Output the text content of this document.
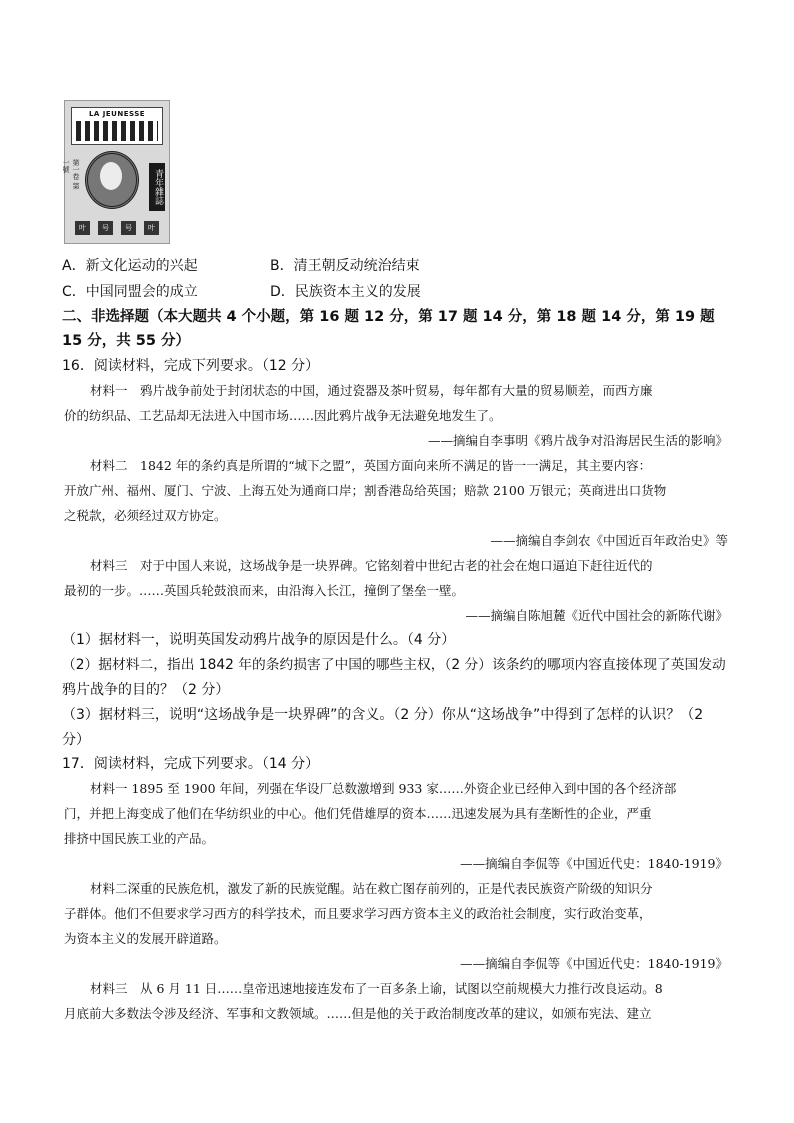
LA JEUNESSE
第一卷 第一號
青年雜誌
叶	号	号	叶
A．新文化运动的兴起	B．清王朝反动统治结束
C．中国同盟会的成立	D．民族资本主义的发展
二、非选择题（本大题共 4 个小题，第 16 题 12 分，第 17 题 14 分，第 18 题 14 分，第 19 题
15 分，共 55 分）
16．阅读材料，完成下列要求。（12 分）
材料一　鸦片战争前处于封闭状态的中国，通过瓷器及茶叶贸易，每年都有大量的贸易顺差，而西方廉
价的纺织品、工艺品却无法进入中国市场……因此鸦片战争无法避免地发生了。
——摘编自李事明《鸦片战争对沿海居民生活的影响》
材料二　1842 年的条约真是所谓的“城下之盟”，英国方面向来所不满足的皆一一满足，其主要内容：
开放广州、福州、厦门、宁波、上海五处为通商口岸；割香港岛给英国；赔款 2100 万银元；英商进出口货物
之税款，必须经过双方协定。
——摘编自李剑农《中国近百年政治史》等
材料三　对于中国人来说，这场战争是一块界碑。它铭刻着中世纪古老的社会在炮口逼迫下赶往近代的
最初的一步。……英国兵轮鼓浪而来，由沿海入长江，撞倒了堡垒一壁。
——摘编自陈旭麓《近代中国社会的新陈代谢》
（1）据材料一，说明英国发动鸦片战争的原因是什么。（4 分）
（2）据材料二，指出 1842 年的条约损害了中国的哪些主权，（2 分）该条约的哪项内容直接体现了英国发动
鸦片战争的目的？（2 分）
（3）据材料三，说明“这场战争是一块界碑”的含义。（2 分）你从“这场战争”中得到了怎样的认识？（2
分）
17．阅读材料，完成下列要求。（14 分）
材料一 1895 至 1900 年间，列强在华设厂总数激增到 933 家……外资企业已经伸入到中国的各个经济部
门，并把上海变成了他们在华纺织业的中心。他们凭借雄厚的资本……迅速发展为具有垄断性的企业，严重
排挤中国民族工业的产品。
——摘编自李侃等《中国近代史：1840-1919》
材料二深重的民族危机，激发了新的民族觉醒。站在救亡图存前列的，正是代表民族资产阶级的知识分
子群体。他们不但要求学习西方的科学技术，而且要求学习西方资本主义的政治社会制度，实行政治变革，
为资本主义的发展开辟道路。
——摘编自李侃等《中国近代史：1840-1919》
材料三　从 6 月 11 日……皇帝迅速地接连发布了一百多条上谕，试图以空前规模大力推行改良运动。8
月底前大多数法令涉及经济、军事和文教领域。……但是他的关于政治制度改革的建议，如颁布宪法、建立
